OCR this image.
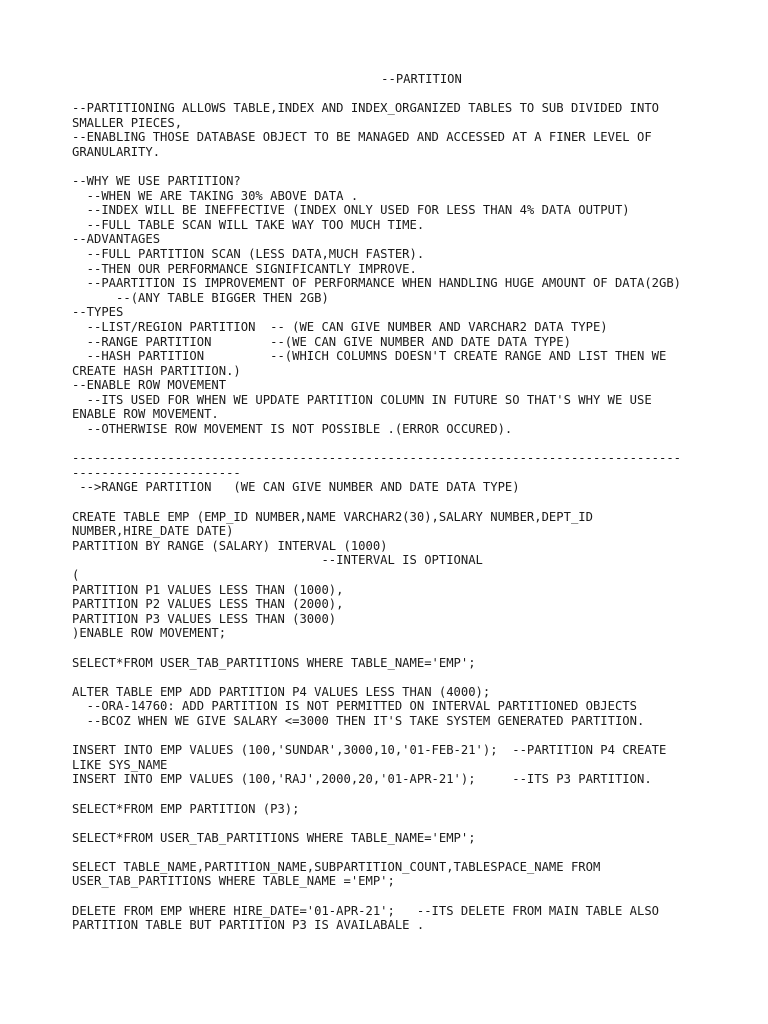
--PARTITION
--PARTITIONING ALLOWS TABLE,INDEX AND INDEX_ORGANIZED TABLES TO SUB DIVIDED INTO
SMALLER PIECES,
--ENABLING THOSE DATABASE OBJECT TO BE MANAGED AND ACCESSED AT A FINER LEVEL OF
GRANULARITY.
--WHY WE USE PARTITION?
--WHEN WE ARE TAKING 30% ABOVE DATA .
--INDEX WILL BE INEFFECTIVE (INDEX ONLY USED FOR LESS THAN 4% DATA OUTPUT)
--FULL TABLE SCAN WILL TAKE WAY TOO MUCH TIME.
--ADVANTAGES
--FULL PARTITION SCAN (LESS DATA,MUCH FASTER).
--THEN OUR PERFORMANCE SIGNIFICANTLY IMPROVE.
--PAARTITION IS IMPROVEMENT OF PERFORMANCE WHEN HANDLING HUGE AMOUNT OF DATA(2GB)
--(ANY TABLE BIGGER THEN 2GB)
--TYPES
--LIST/REGION PARTITION  -- (WE CAN GIVE NUMBER AND VARCHAR2 DATA TYPE)
--RANGE PARTITION        --(WE CAN GIVE NUMBER AND DATE DATA TYPE)
--HASH PARTITION         --(WHICH COLUMNS DOESN'T CREATE RANGE AND LIST THEN WE
CREATE HASH PARTITION.)
--ENABLE ROW MOVEMENT
--ITS USED FOR WHEN WE UPDATE PARTITION COLUMN IN FUTURE SO THAT'S WHY WE USE
ENABLE ROW MOVEMENT.
--OTHERWISE ROW MOVEMENT IS NOT POSSIBLE .(ERROR OCCURED).
-----------------------------------------------------------------------------------
-----------------------
-->RANGE PARTITION   (WE CAN GIVE NUMBER AND DATE DATA TYPE)
CREATE TABLE EMP (EMP_ID NUMBER,NAME VARCHAR2(30),SALARY NUMBER,DEPT_ID
NUMBER,HIRE_DATE DATE)
PARTITION BY RANGE (SALARY) INTERVAL (1000)
--INTERVAL IS OPTIONAL
(
PARTITION P1 VALUES LESS THAN (1000),
PARTITION P2 VALUES LESS THAN (2000),
PARTITION P3 VALUES LESS THAN (3000)
)ENABLE ROW MOVEMENT;
SELECT*FROM USER_TAB_PARTITIONS WHERE TABLE_NAME='EMP';
ALTER TABLE EMP ADD PARTITION P4 VALUES LESS THAN (4000);
--ORA-14760: ADD PARTITION IS NOT PERMITTED ON INTERVAL PARTITIONED OBJECTS
--BCOZ WHEN WE GIVE SALARY <=3000 THEN IT'S TAKE SYSTEM GENERATED PARTITION.
INSERT INTO EMP VALUES (100,'SUNDAR',3000,10,'01-FEB-21');  --PARTITION P4 CREATE
LIKE SYS_NAME
INSERT INTO EMP VALUES (100,'RAJ',2000,20,'01-APR-21');     --ITS P3 PARTITION.
SELECT*FROM EMP PARTITION (P3);
SELECT*FROM USER_TAB_PARTITIONS WHERE TABLE_NAME='EMP';
SELECT TABLE_NAME,PARTITION_NAME,SUBPARTITION_COUNT,TABLESPACE_NAME FROM
USER_TAB_PARTITIONS WHERE TABLE_NAME ='EMP';
DELETE FROM EMP WHERE HIRE_DATE='01-APR-21';   --ITS DELETE FROM MAIN TABLE ALSO
PARTITION TABLE BUT PARTITION P3 IS AVAILABALE .
